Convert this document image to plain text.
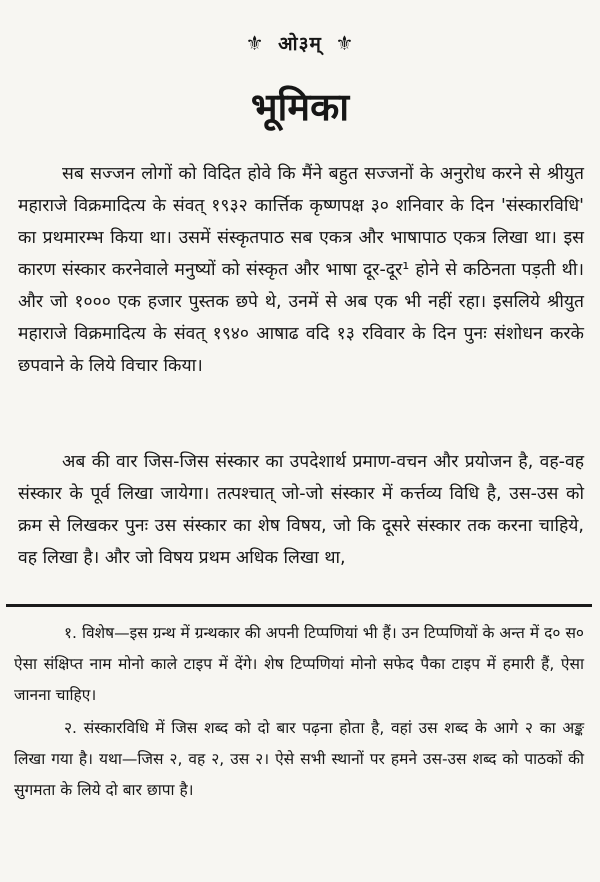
⚜ ओ३म् ⚜
भूमिका

सब सज्जन लोगों को विदित होवे कि मैंने बहुत सज्जनों के अनुरोध करने से श्रीयुत महाराजे विक्रमादित्य के संवत् १९३२ कार्त्तिक कृष्णपक्ष ३० शनिवार के दिन 'संस्कारविधि' का प्रथमारम्भ किया था। उसमें संस्कृतपाठ सब एकत्र और भाषापाठ एकत्र लिखा था। इस कारण संस्कार करनेवाले मनुष्यों को संस्कृत और भाषा दूर-दूर¹ होने से कठिनता पड़ती थी। और जो १००० एक हजार पुस्तक छपे थे, उनमें से अब एक भी नहीं रहा। इसलिये श्रीयुत महाराजे विक्रमादित्य के संवत् १९४० आषाढ वदि १३ रविवार के दिन पुनः संशोधन करके छपवाने के लिये विचार किया।

अब की वार जिस-जिस संस्कार का उपदेशार्थ प्रमाण-वचन और प्रयोजन है, वह-वह संस्कार के पूर्व लिखा जायेगा। तत्पश्चात् जो-जो संस्कार में कर्त्तव्य विधि है, उस-उस को क्रम से लिखकर पुनः उस संस्कार का शेष विषय, जो कि दूसरे संस्कार तक करना चाहिये, वह लिखा है। और जो विषय प्रथम अधिक लिखा था,

१. विशेष—इस ग्रन्थ में ग्रन्थकार की अपनी टिप्पणियां भी हैं। उन टिप्पणियों के अन्त में द० स० ऐसा संक्षिप्त नाम मोनो काले टाइप में देंगे। शेष टिप्पणियां मोनो सफेद पैका टाइप में हमारी हैं, ऐसा जानना चाहिए।

२. संस्कारविधि में जिस शब्द को दो बार पढ़ना होता है, वहां उस शब्द के आगे २ का अङ्क लिखा गया है। यथा—जिस २, वह २, उस २। ऐसे सभी स्थानों पर हमने उस-उस शब्द को पाठकों की सुगमता के लिये दो बार छापा है।
